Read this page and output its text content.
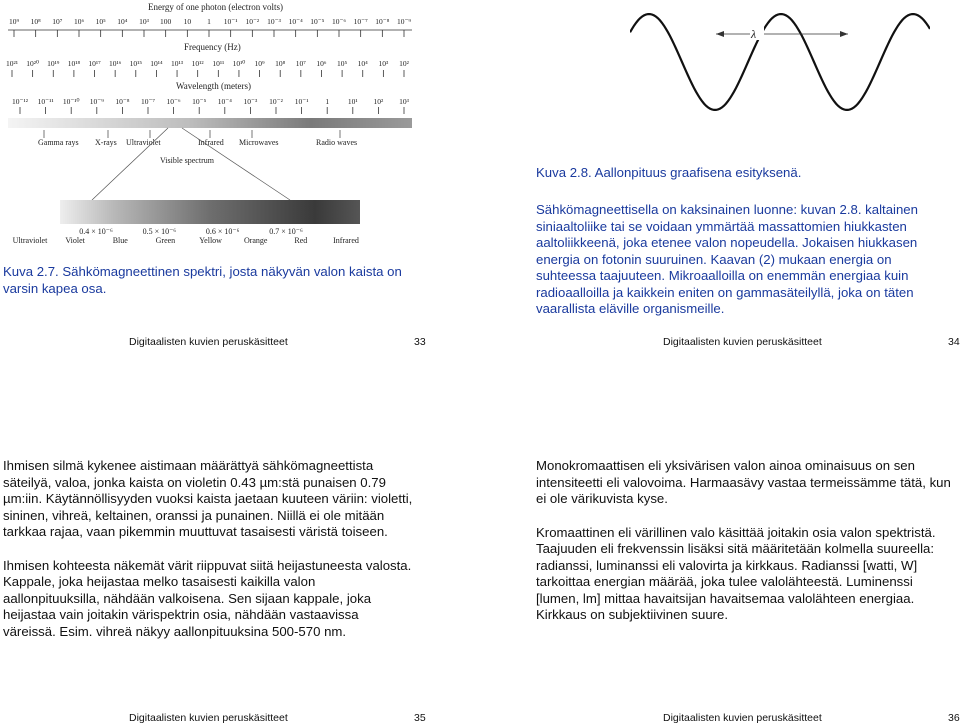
Energy of one photon (electron volts)
10⁹ 10⁸ 10⁷ 10⁶ 10⁵ 10⁴ 10³ 100 10 1 10⁻¹ 10⁻² 10⁻³ 10⁻⁴ 10⁻⁵ 10⁻⁶ 10⁻⁷ 10⁻⁸ 10⁻⁹
Frequency (Hz)
10²¹ 10²⁰ 10¹⁹ 10¹⁸ 10¹⁷ 10¹⁶ 10¹⁵ 10¹⁴ 10¹³ 10¹² 10¹¹ 10¹⁰ 10⁹ 10⁸ 10⁷ 10⁶ 10⁵ 10⁴ 10³ 10²
Wavelength (meters)
10⁻¹² 10⁻¹¹ 10⁻¹⁰ 10⁻⁹ 10⁻⁸ 10⁻⁷ 10⁻⁶ 10⁻⁵ 10⁻⁴ 10⁻³ 10⁻² 10⁻¹ 1	10¹ 10² 10³
Gamma rays X-rays Ultraviolet	Infrared Microwaves	Radio waves
Visible spectrum
0.4 × 10⁻⁶	0.5 × 10⁻⁶	0.6 × 10⁻⁶	0.7 × 10⁻⁶
Ultraviolet Violet	Blue	Green	Yellow	Orange	Red	Infrared

Kuva 2.7. Sähkömagneettinen spektri, josta näkyvän valon kaista on varsin kapea osa.

Digitaalisten kuvien peruskäsitteet	33
λ
Kuva 2.8. Aallonpituus graafisena esityksenä.

Sähkömagneettisella on kaksinainen luonne: kuvan 2.8. kaltainen siniaaltoliike tai se voidaan ymmärtää massattomien hiukkasten aaltoliikkeenä, joka etenee valon nopeudella. Jokaisen hiukkasen energia on fotonin suuruinen. Kaavan (2) mukaan energia on suhteessa taajuuteen. Mikroaalloilla on enemmän energiaa kuin radioaalloilla ja kaikkein eniten on gammasäteilyllä, joka on täten vaarallista eläville organismeille.

Digitaalisten kuvien peruskäsitteet	34

Ihmisen silmä kykenee aistimaan määrättyä sähkömagneettista säteilyä, valoa, jonka kaista on violetin 0.43 µm:stä punaisen 0.79 µm:iin. Käytännöllisyyden vuoksi kaista jaetaan kuuteen väriin: violetti, sininen, vihreä, keltainen, oranssi ja punainen. Niillä ei ole mitään tarkkaa rajaa, vaan pikemmin muuttuvat tasaisesti väristä toiseen.

Ihmisen kohteesta näkemät värit riippuvat siitä heijastuneesta valosta. Kappale, joka heijastaa melko tasaisesti kaikilla valon aallonpituuksilla, nähdään valkoisena. Sen sijaan kappale, joka heijastaa vain joitakin värispektrin osia, nähdään vastaavissa väreissä. Esim. vihreä näkyy aallonpituuksina 500-570 nm.

Digitaalisten kuvien peruskäsitteet	35

Monokromaattisen eli yksivärisen valon ainoa ominaisuus on sen intensiteetti eli valovoima. Harmaasävy vastaa termeissämme tätä, kun ei ole värikuvista kyse.

Kromaattinen eli värillinen valo käsittää joitakin osia valon spektristä. Taajuuden eli frekvenssin lisäksi sitä määritetään kolmella suureella: radianssi, luminanssi eli valovirta ja kirkkaus. Radianssi [watti, W] tarkoittaa energian määrää, joka tulee valolähteestä. Luminenssi [lumen, lm] mittaa havaitsijan havaitsemaa valolähteen energiaa. Kirkkaus on subjektiivinen suure.

Digitaalisten kuvien peruskäsitteet	36
